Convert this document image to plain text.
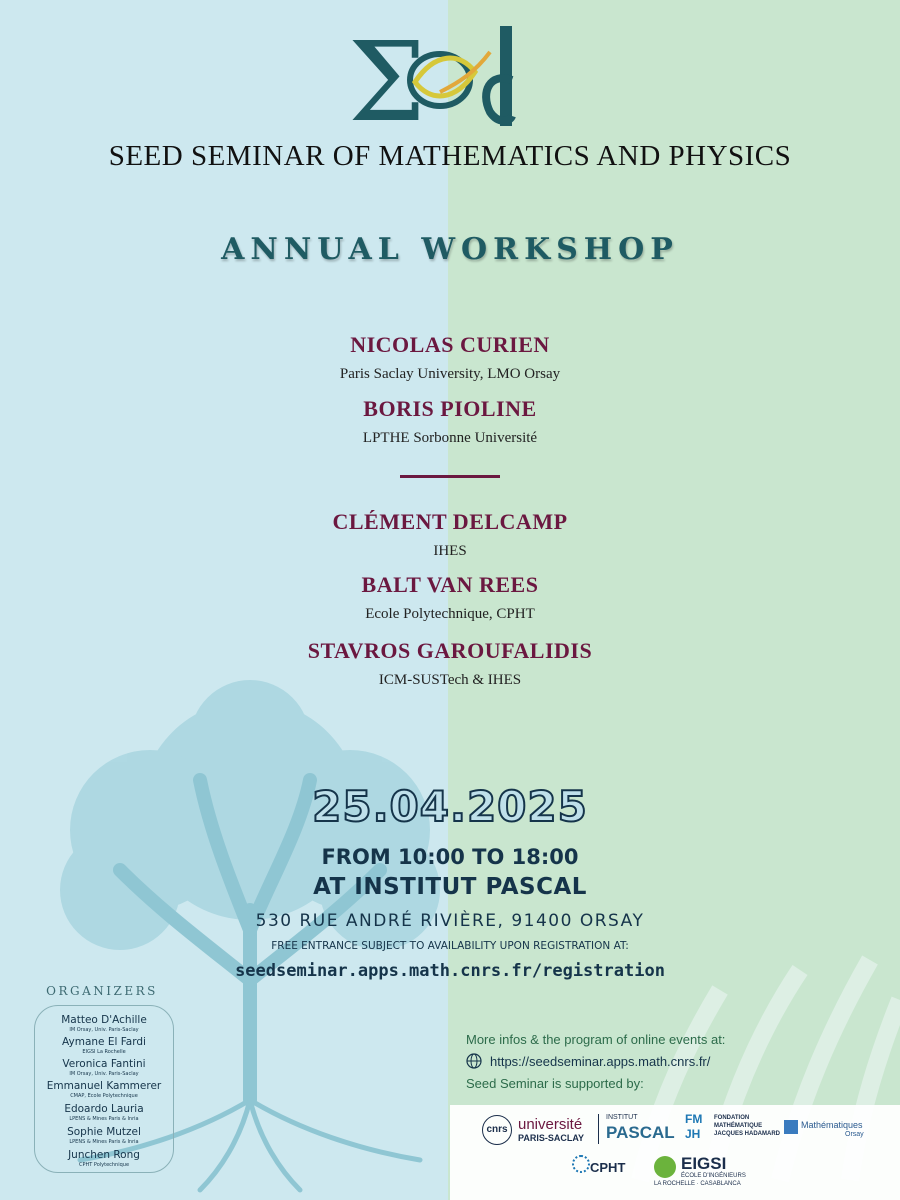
Σ
SEED SEMINAR OF MATHEMATICS AND PHYSICS
ANNUAL WORKSHOP
NICOLAS CURIEN
Paris Saclay University, LMO Orsay
BORIS PIOLINE
LPTHE Sorbonne Université
CLÉMENT DELCAMP
IHES
BALT VAN REES
Ecole Polytechnique, CPHT
STAVROS GAROUFALIDIS
ICM-SUSTech & IHES
25.04.2025
FROM 10:00 TO 18:00
AT INSTITUT PASCAL
530 RUE ANDRÉ RIVIÈRE, 91400 ORSAY
FREE ENTRANCE SUBJECT TO AVAILABILITY UPON REGISTRATION AT:
seedseminar.apps.math.cnrs.fr/registration
ORGANIZERS
Matteo D'Achille
IM Orsay, Univ. Paris-Saclay
Aymane El Fardi
EIGSI La Rochelle
Veronica Fantini
IM Orsay, Univ. Paris-Saclay
Emmanuel Kammerer
CMAP, Ecole Polytechnique
Edoardo Lauria
LPENS & Mines Paris & Inria
Sophie Mutzel
LPENS & Mines Paris & Inria
Junchen Rong
CPHT Polytechnique
More infos & the program of online events at:
https://seedseminar.apps.math.cnrs.fr/
Seed Seminar is supported by:
cnrs université
PARIS-SACLAY
INSTITUT
PASCAL
FM JH
FONDATION
MATHÉMATIQUE
JACQUES HADAMARD
Mathématiques
Orsay
CPHT	EIGSI
ÉCOLE D'INGÉNIEURS
LA ROCHELLE · CASABLANCA
